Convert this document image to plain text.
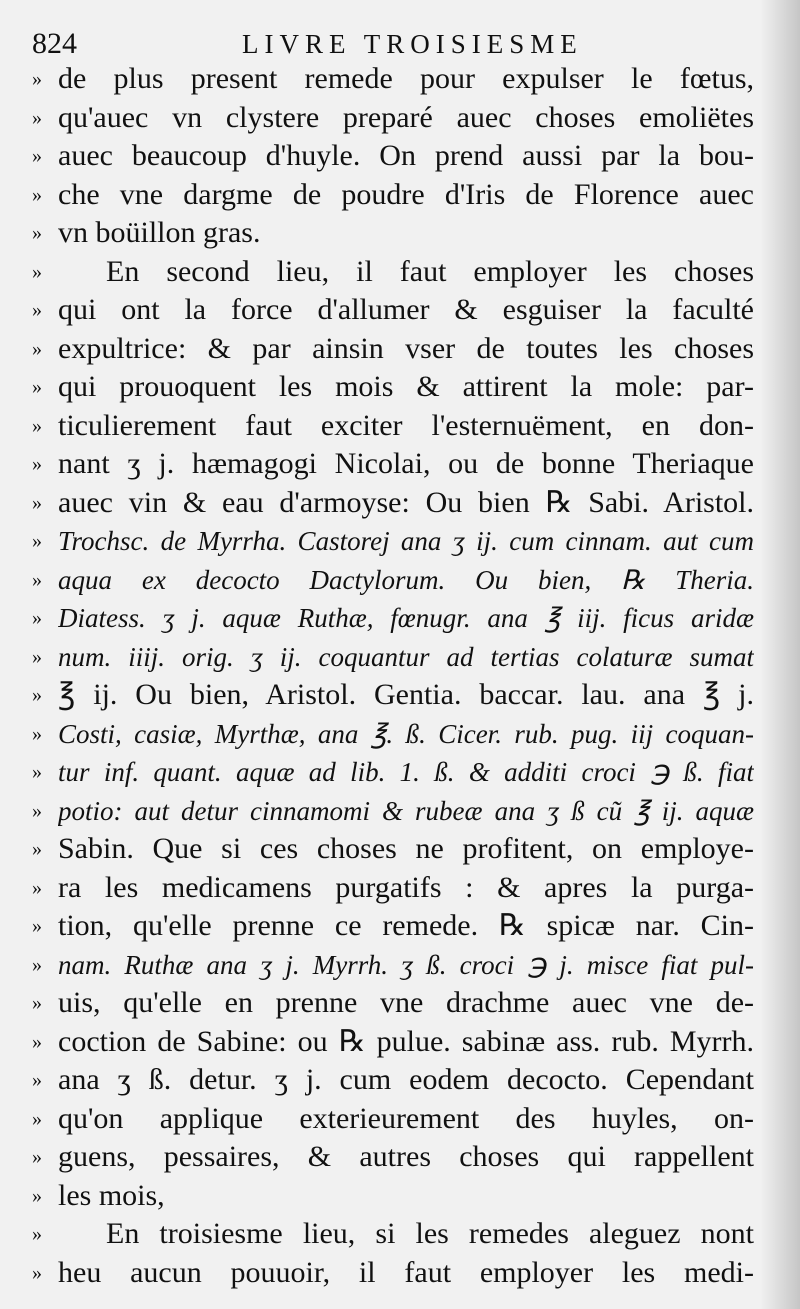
824	LIVRE TROISIESME
» de plus present remede pour expulser le fœtus,
» qu'auec vn clystere preparé auec choses emoliëtes
» auec beaucoup d'huyle. On prend aussi par la bou-
» che vne dargme de poudre d'Iris de Florence auec
» vn boüillon gras.
»	En second lieu, il faut employer les choses
» qui ont la force d'allumer & esguiser la faculté
» expultrice: & par ainsin vser de toutes les choses
» qui prouoquent les mois & attirent la mole: par-
» ticulierement faut exciter l'esternuëment, en don-
» nant ʒ j. hæmagogi Nicolai, ou de bonne Theriaque
» auec vin & eau d'armoyse: Ou bien ℞ Sabi. Aristol.
» Trochsc. de Myrrha. Castorej ana ʒ ij. cum cinnam. aut cum
» aqua ex decocto Dactylorum. Ou bien, ℞ Theria.
» Diatess. ʒ j. aquæ Ruthæ, fœnugr. ana ℥ iij. ficus aridæ
» num. iiij. orig. ʒ ij. coquantur ad tertias colaturæ sumat
» ℥ ij. Ou bien, Aristol. Gentia. baccar. lau. ana ℥ j.
» Costi, casiæ, Myrthæ, ana ℥. ß. Cicer. rub. pug. iij coquan-
» tur inf. quant. aquæ ad lib. 1. ß. & additi croci ℈ ß. fiat
» potio: aut detur cinnamomi & rubeæ ana ʒ ß cũ ℥ ij. aquæ
» Sabin. Que si ces choses ne profitent, on employe-
» ra les medicamens purgatifs : & apres la purga-
» tion, qu'elle prenne ce remede. ℞ spicæ nar. Cin-
» nam. Ruthæ ana ʒ j. Myrrh. ʒ ß. croci ℈ j. misce fiat pul-
» uis, qu'elle en prenne vne drachme auec vne de-
» coction de Sabine: ou ℞ pulue. sabinæ ass. rub. Myrrh.
» ana ʒ ß. detur. ʒ j. cum eodem decocto. Cependant
» qu'on applique exterieurement des huyles, on-
» guens, pessaires, & autres choses qui rappellent
» les mois,
»	En troisiesme lieu, si les remedes aleguez nont
» heu aucun pouuoir, il faut employer les medi-
